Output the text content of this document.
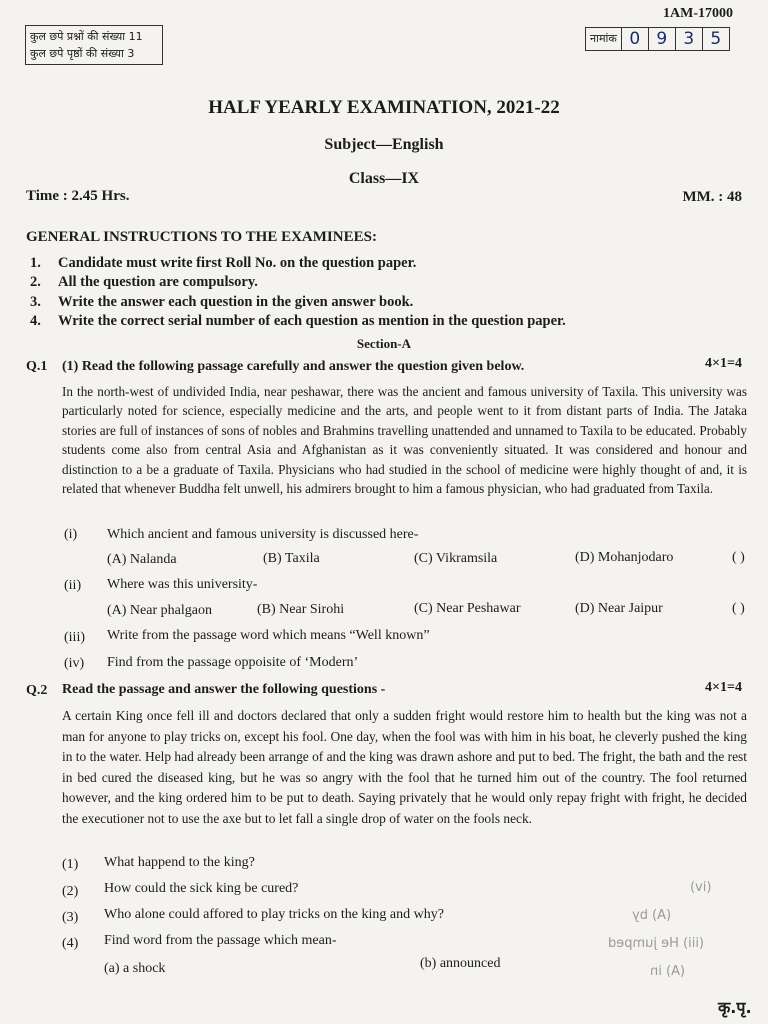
कुल छपे प्रश्नों की संख्या 11
कुल छपे पृष्ठों की संख्या 3
1AM-17000
नामांक 0 9 3 5
HALF YEARLY EXAMINATION, 2021-22
Subject—English
Class—IX
Time : 2.45 Hrs.	MM. : 48
GENERAL INSTRUCTIONS TO THE EXAMINEES:
1. Candidate must write first Roll No. on the question paper.
2. All the question are compulsory.
3. Write the answer each question in the given answer book.
4. Write the correct serial number of each question as mention in the question paper.
Section-A
Q.1 (1) Read the following passage carefully and answer the question given below.	4×1=4
In the north-west of undivided India, near peshawar, there was the ancient and famous university of Taxila. This university was particularly noted for science, especially medicine and the arts, and people went to it from distant parts of India. The Jataka stories are full of instances of sons of nobles and Brahmins travelling unattended and unnamed to Taxila to be educated. Probably students come also from central Asia and Afghanistan as it was conveniently situated. It was considered and honour and distinction to a be a graduate of Taxila. Physicians who had studied in the school of medicine were highly thought of and, it is related that whenever Buddha felt unwell, his admirers brought to him a famous physician, who had graduated from Taxila.
(i) Which ancient and famous university is discussed here-
(A) Nalanda	(B) Taxila	(C) Vikramsila	(D) Mohanjodaro	( )
(ii) Where was this university-
(A) Near phalgaon	(B) Near Sirohi	(C) Near Peshawar	(D) Near Jaipur	( )
(iii) Write from the passage word which means “Well known”
(iv) Find from the passage oppoisite of ‘Modern’
Q.2 Read the passage and answer the following questions -	4×1=4
A certain King once fell ill and doctors declared that only a sudden fright would restore him to health but the king was not a man for anyone to play tricks on, except his fool. One day, when the fool was with him in his boat, he cleverly pushed the king in to the water. Help had already been arrange of and the king was drawn ashore and put to bed. The fright, the bath and the rest in bed cured the diseased king, but he was so angry with the fool that he turned him out of the country. The fool returned however, and the king ordered him to be put to death. Saying privately that he would only repay fright with fright, he decided the executioner not to use the axe but to let fall a single drop of water on the fools neck.
(1) What happend to the king?
(2) How could the sick king be cured?
(3) Who alone could affored to play tricks on the king and why?
(4) Find word from the passage which mean-
(a) a shock	(b) announced
(iv)
(A) by
(iii) He jumped
(A) in
कृ.पृ.
